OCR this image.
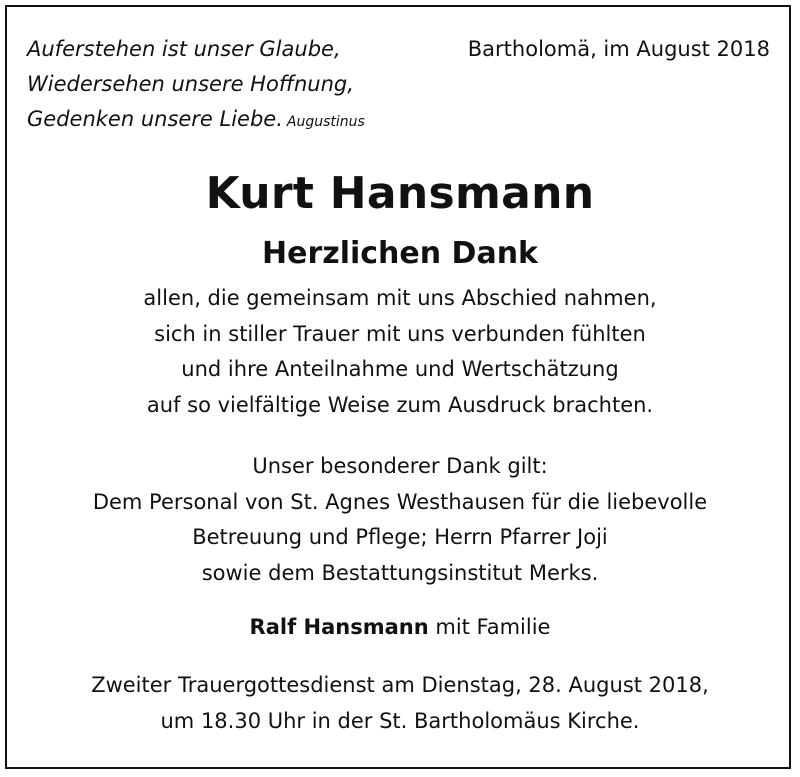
Auferstehen ist unser Glaube,
Wiedersehen unsere Hoffnung,
Gedenken unsere Liebe. Augustinus
Bartholomä, im August 2018
Kurt Hansmann
Herzlichen Dank
allen, die gemeinsam mit uns Abschied nahmen,
sich in stiller Trauer mit uns verbunden fühlten
und ihre Anteilnahme und Wertschätzung
auf so vielfältige Weise zum Ausdruck brachten.
Unser besonderer Dank gilt:
Dem Personal von St. Agnes Westhausen für die liebevolle
Betreuung und Pflege; Herrn Pfarrer Joji
sowie dem Bestattungsinstitut Merks.
Ralf Hansmann mit Familie
Zweiter Trauergottesdienst am Dienstag, 28. August 2018,
um 18.30 Uhr in der St. Bartholomäus Kirche.
